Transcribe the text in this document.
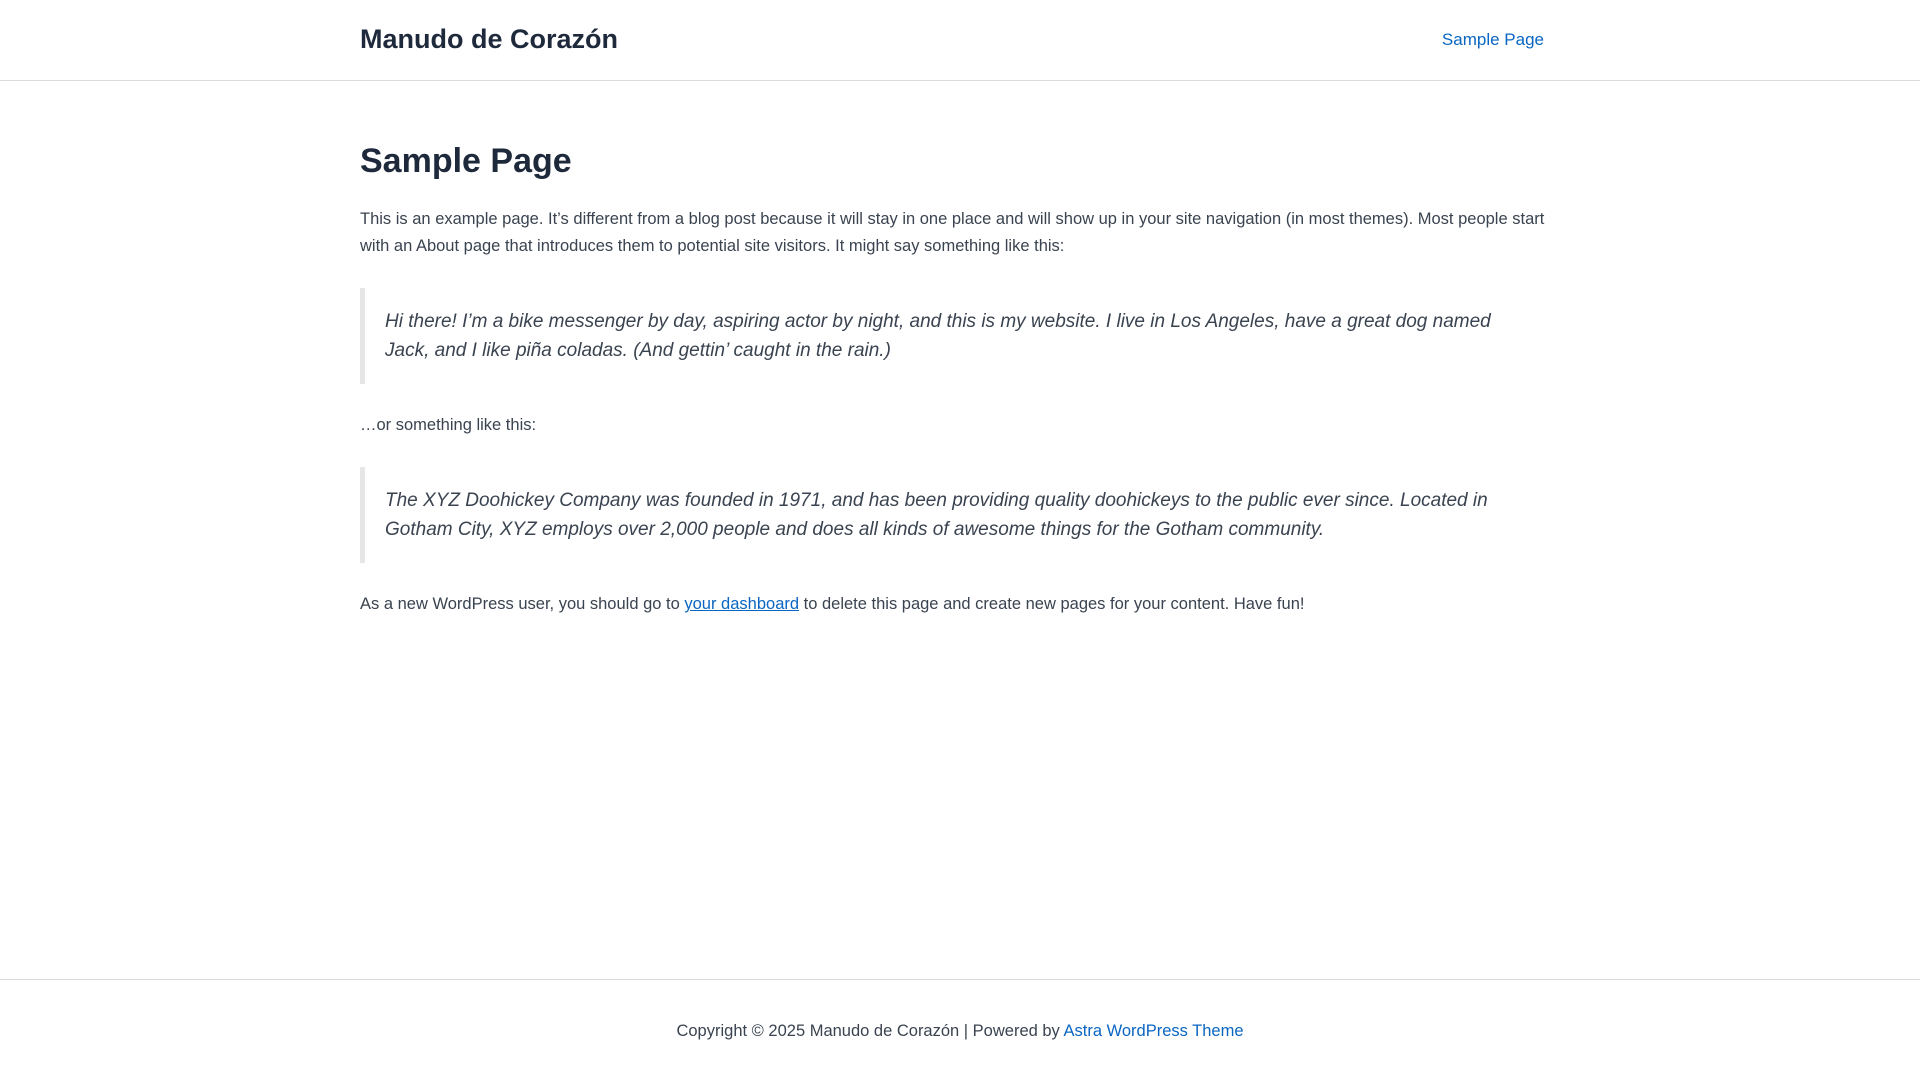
Manudo de Corazón	Sample Page
Sample Page

This is an example page. It’s different from a blog post because it will stay in one place and will show up in your site navigation (in most themes). Most people start with an About page that introduces them to potential site visitors. It might say something like this:

Hi there! I’m a bike messenger by day, aspiring actor by night, and this is my website. I live in Los Angeles, have a great dog named Jack, and I like piña coladas. (And gettin’ caught in the rain.)

…or something like this:

The XYZ Doohickey Company was founded in 1971, and has been providing quality doohickeys to the public ever since. Located in Gotham City, XYZ employs over 2,000 people and does all kinds of awesome things for the Gotham community.

As a new WordPress user, you should go to your dashboard to delete this page and create new pages for your content. Have fun!

Copyright © 2025 Manudo de Corazón | Powered by Astra WordPress Theme
